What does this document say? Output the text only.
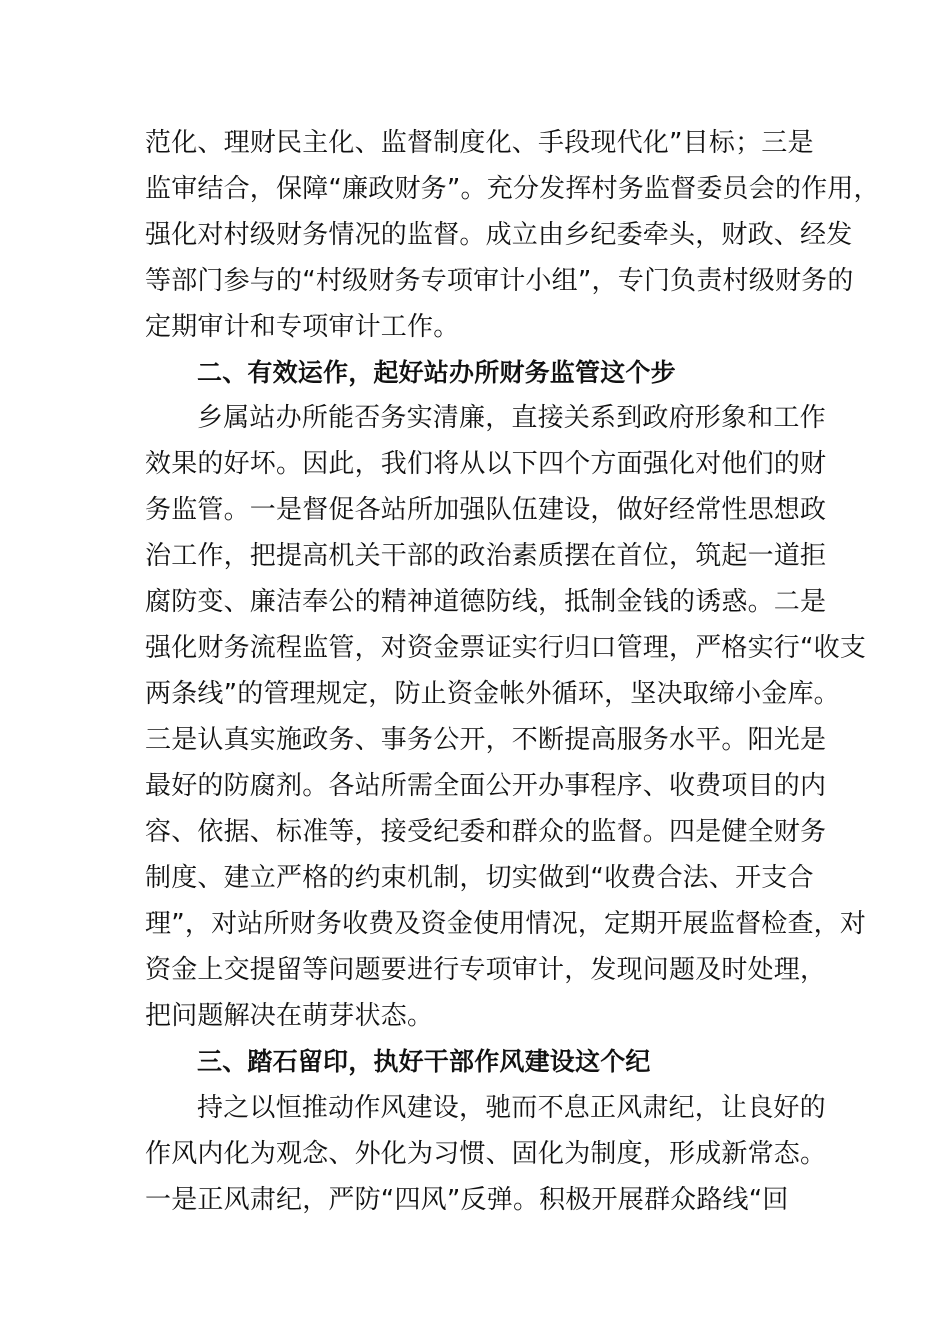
范化、理财民主化、监督制度化、手段现代化”目标；三是
监审结合，保障“廉政财务”。充分发挥村务监督委员会的作用，
强化对村级财务情况的监督。成立由乡纪委牵头，财政、经发
等部门参与的“村级财务专项审计小组”，专门负责村级财务的
定期审计和专项审计工作。
二、有效运作，起好站办所财务监管这个步
乡属站办所能否务实清廉，直接关系到政府形象和工作
效果的好坏。因此，我们将从以下四个方面强化对他们的财
务监管。一是督促各站所加强队伍建设，做好经常性思想政
治工作，把提高机关干部的政治素质摆在首位，筑起一道拒
腐防变、廉洁奉公的精神道德防线，抵制金钱的诱惑。二是
强化财务流程监管，对资金票证实行归口管理，严格实行“收支
两条线”的管理规定，防止资金帐外循环，坚决取缔小金库。
三是认真实施政务、事务公开，不断提高服务水平。阳光是
最好的防腐剂。各站所需全面公开办事程序、收费项目的内
容、依据、标准等，接受纪委和群众的监督。四是健全财务
制度、建立严格的约束机制，切实做到“收费合法、开支合
理”，对站所财务收费及资金使用情况，定期开展监督检查，对
资金上交提留等问题要进行专项审计，发现问题及时处理，
把问题解决在萌芽状态。
三、踏石留印，执好干部作风建设这个纪
持之以恒推动作风建设，驰而不息正风肃纪，让良好的
作风内化为观念、外化为习惯、固化为制度，形成新常态。
一是正风肃纪，严防“四风”反弹。积极开展群众路线“回
